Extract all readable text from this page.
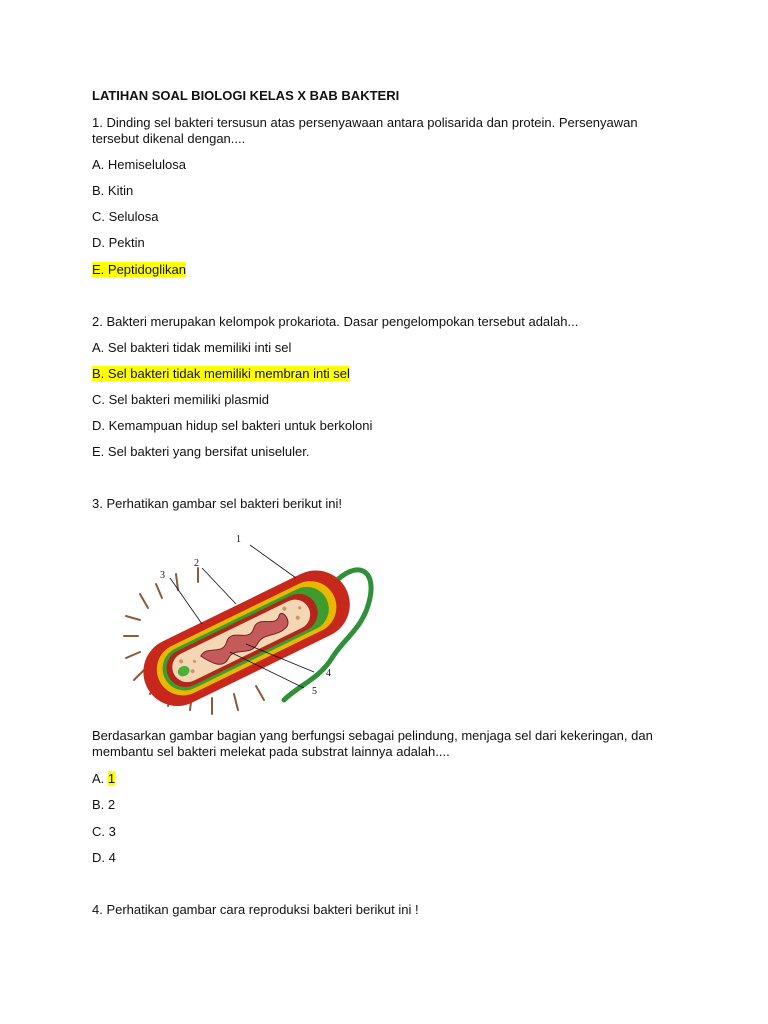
LATIHAN SOAL BIOLOGI KELAS X BAB BAKTERI
1. Dinding sel bakteri tersusun atas persenyawaan antara polisarida dan protein. Persenyawan
tersebut dikenal dengan....
A. Hemiselulosa
B. Kitin
C. Selulosa
D. Pektin
E. Peptidoglikan
2. Bakteri merupakan kelompok prokariota. Dasar pengelompokan tersebut adalah...
A. Sel bakteri tidak memiliki inti sel
B. Sel bakteri tidak memiliki membran inti sel
C. Sel bakteri memiliki plasmid
D. Kemampuan hidup sel bakteri untuk berkoloni
E. Sel bakteri yang bersifat uniseluler.
3. Perhatikan gambar sel bakteri berikut ini!
1
2
3
4
5
Berdasarkan gambar bagian yang berfungsi sebagai pelindung, menjaga sel dari kekeringan, dan
membantu sel bakteri melekat pada substrat lainnya adalah....
A. 1
B. 2
C. 3
D. 4
4. Perhatikan gambar cara reproduksi bakteri berikut ini !
